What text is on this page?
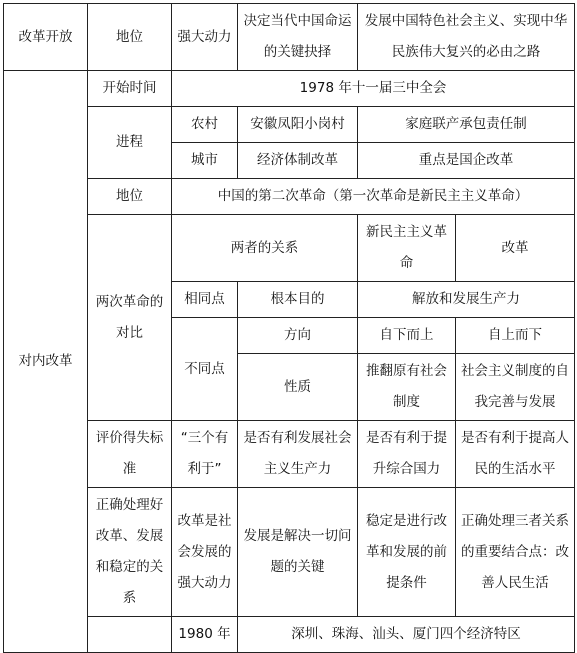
改革开放	地位	强大动力	决定当代中国命运的关键抉择	发展中国特色社会主义、实现中华民族伟大复兴的必由之路	
对内改革	开始时间	1978 年十一届三中全会			
	进程	农村	安徽凤阳小岗村	家庭联产承包责任制	
		城市	经济体制改革	重点是国企改革	
	地位	中国的第二次革命（第一次革命是新民主主义革命）			
	两次革命的对比	两者的关系		新民主主义革命	改革
		相同点	根本目的	解放和发展生产力	
		不同点	方向	自下而上	自上而下
			性质	推翻原有社会制度	社会主义制度的自我完善与发展
	评价得失标准	“三个有利于”	是否有利发展社会主义生产力	是否有利于提升综合国力	是否有利于提高人民的生活水平
	正确处理好改革、发展和稳定的关系	改革是社会发展的强大动力	发展是解决一切问题的关键	稳定是进行改革和发展的前提条件	正确处理三者关系的重要结合点：改善人民生活
		1980 年	深圳、珠海、汕头、厦门四个经济特区		
